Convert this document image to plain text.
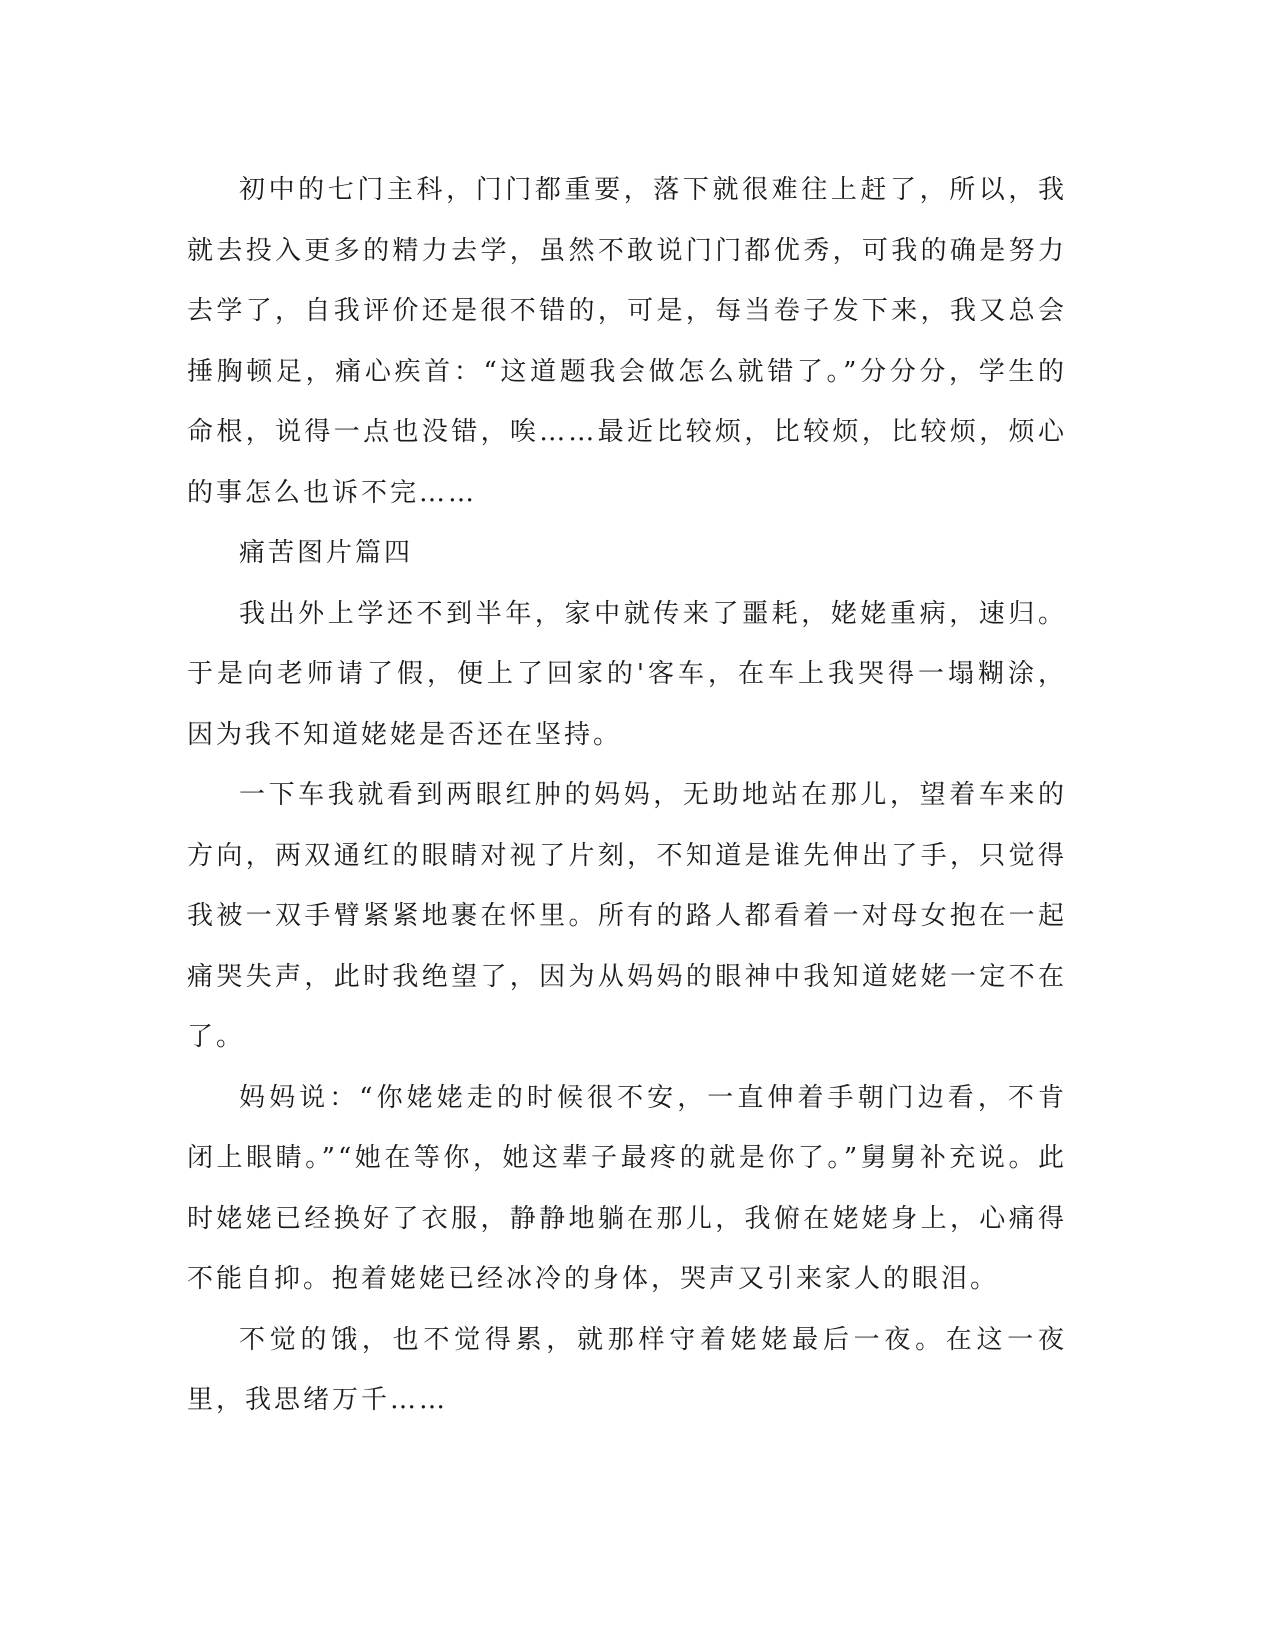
初中的七门主科，门门都重要，落下就很难往上赶了，所以，我就去投入更多的精力去学，虽然不敢说门门都优秀，可我的确是努力去学了，自我评价还是很不错的，可是，每当卷子发下来，我又总会捶胸顿足，痛心疾首：“这道题我会做怎么就错了。”分分分，学生的命根，说得一点也没错，唉……最近比较烦，比较烦，比较烦，烦心的事怎么也诉不完……

痛苦图片篇四

我出外上学还不到半年，家中就传来了噩耗，姥姥重病，速归。于是向老师请了假，便上了回家的'客车，在车上我哭得一塌糊涂，因为我不知道姥姥是否还在坚持。

一下车我就看到两眼红肿的妈妈，无助地站在那儿，望着车来的方向，两双通红的眼睛对视了片刻，不知道是谁先伸出了手，只觉得我被一双手臂紧紧地裹在怀里。所有的路人都看着一对母女抱在一起痛哭失声，此时我绝望了，因为从妈妈的眼神中我知道姥姥一定不在了。

妈妈说：“你姥姥走的时候很不安，一直伸着手朝门边看，不肯闭上眼睛。”“她在等你，她这辈子最疼的就是你了。”舅舅补充说。此时姥姥已经换好了衣服，静静地躺在那儿，我俯在姥姥身上，心痛得不能自抑。抱着姥姥已经冰冷的身体，哭声又引来家人的眼泪。

不觉的饿，也不觉得累，就那样守着姥姥最后一夜。在这一夜里，我思绪万千……
